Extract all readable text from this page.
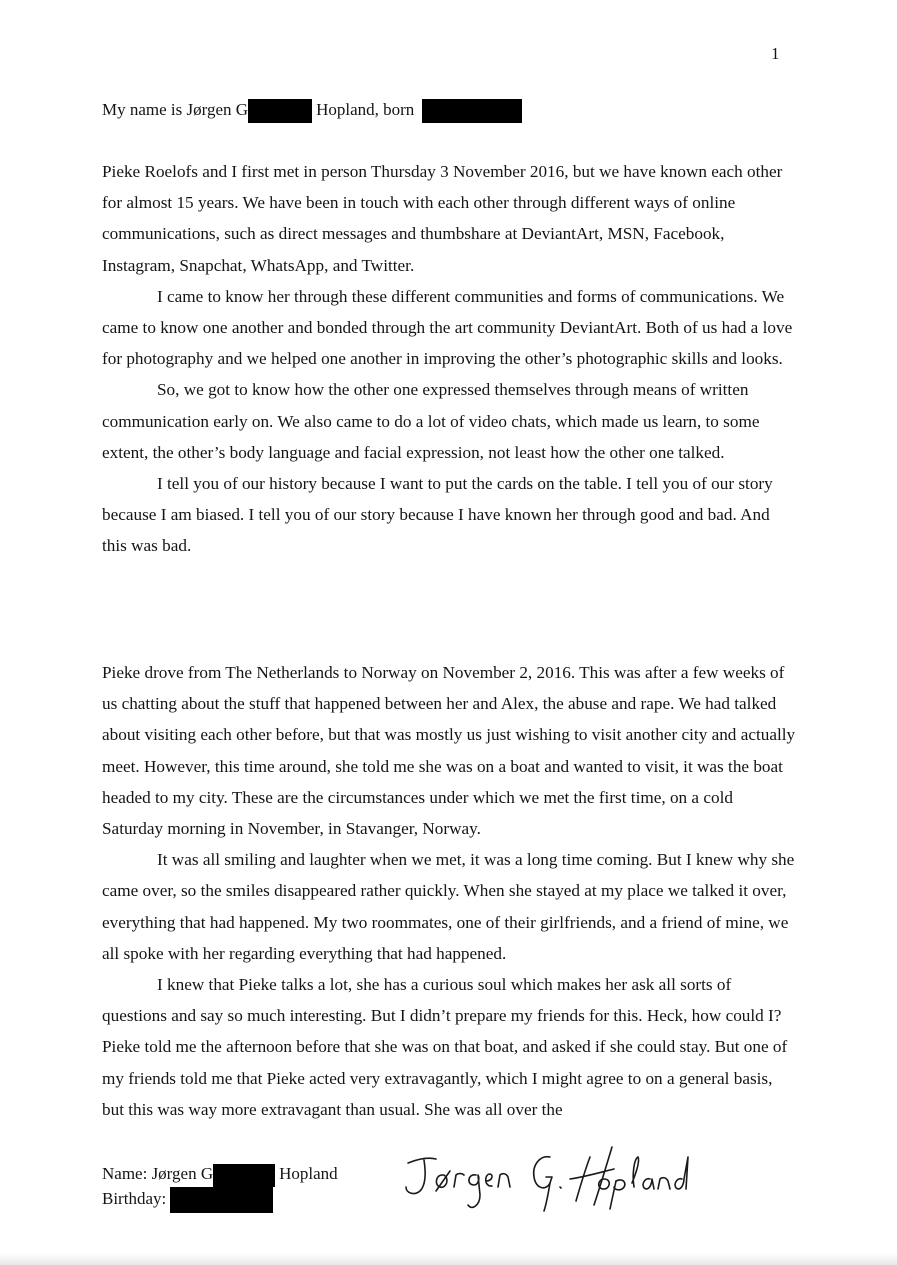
1
My name is Jørgen G	Hopland, born

Pieke Roelofs and I first met in person Thursday 3 November 2016, but we have known each other for almost 15 years. We have been in touch with each other through different ways of online communications, such as direct messages and thumbshare at DeviantArt, MSN, Facebook, Instagram, Snapchat, WhatsApp, and Twitter.

I came to know her through these different communities and forms of communications. We came to know one another and bonded through the art community DeviantArt. Both of us had a love for photography and we helped one another in improving the other’s photographic skills and looks.

So, we got to know how the other one expressed themselves through means of written communication early on. We also came to do a lot of video chats, which made us learn, to some extent, the other’s body language and facial expression, not least how the other one talked.

I tell you of our history because I want to put the cards on the table. I tell you of our story because I am biased. I tell you of our story because I have known her through good and bad. And this was bad.

Pieke drove from The Netherlands to Norway on November 2, 2016. This was after a few weeks of us chatting about the stuff that happened between her and Alex, the abuse and rape. We had talked about visiting each other before, but that was mostly us just wishing to visit another city and actually meet. However, this time around, she told me she was on a boat and wanted to visit, it was the boat headed to my city. These are the circumstances under which we met the first time, on a cold Saturday morning in November, in Stavanger, Norway.

It was all smiling and laughter when we met, it was a long time coming. But I knew why she came over, so the smiles disappeared rather quickly. When she stayed at my place we talked it over, everything that had happened. My two roommates, one of their girlfriends, and a friend of mine, we all spoke with her regarding everything that had happened.

I knew that Pieke talks a lot, she has a curious soul which makes her ask all sorts of questions and say so much interesting. But I didn’t prepare my friends for this. Heck, how could I? Pieke told me the afternoon before that she was on that boat, and asked if she could stay. But one of my friends told me that Pieke acted very extravagantly, which I might agree to on a general basis, but this was way more extravagant than usual. She was all over the

Name: Jørgen G	Hopland
Birthday:
